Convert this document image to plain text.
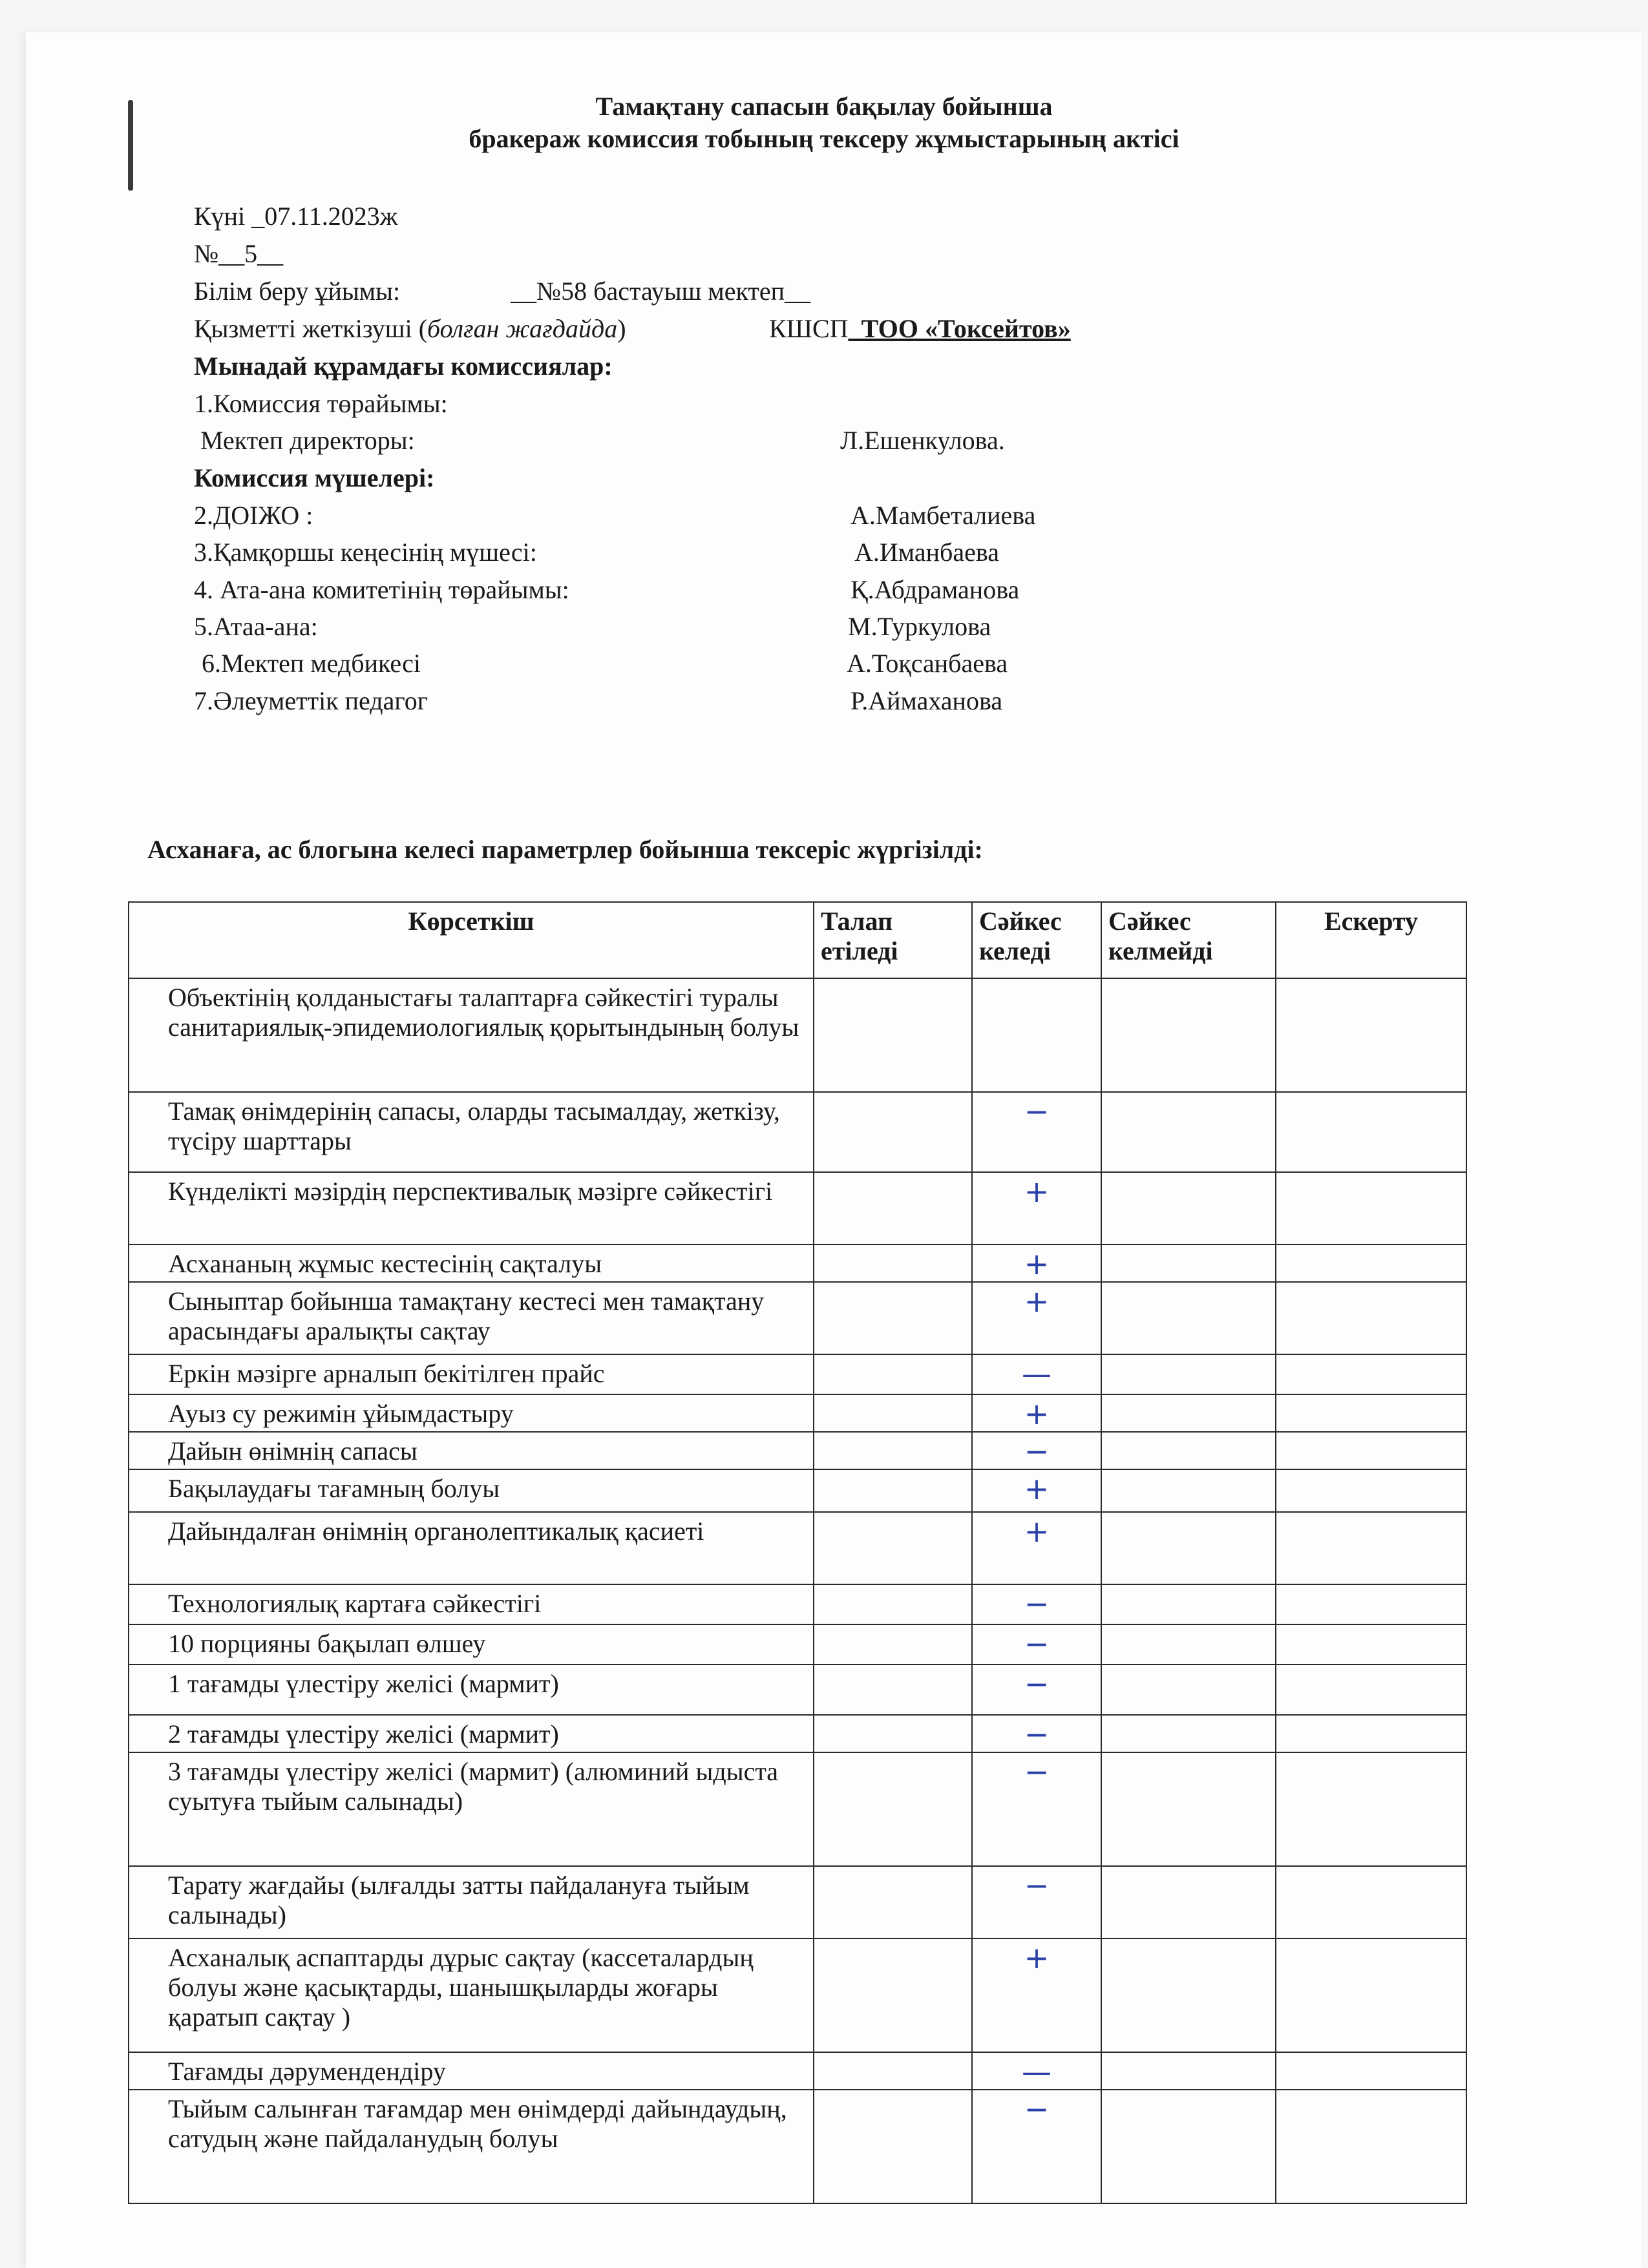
Тамақтану сапасын бақылау бойынша
бракераж комиссия тобының тексеру жұмыстарының актісі
Күні _07.11.2023ж
№__5__
Білім беру ұйымы:	__№58 бастауыш мектеп__
Қызметті жеткізуші (болған жағдайда)	КШСП_ТОО «Токсейтов»
Мынадай құрамдағы комиссиялар:
1.Комиссия төрайымы:
Мектеп директоры:	Л.Ешенкулова.
Комиссия мүшелері:
2.ДОІЖО :	А.Мамбеталиева
3.Қамқоршы кеңесінің мүшесі:	А.Иманбаева
4. Ата-ана комитетінің төрайымы:	Қ.Абдраманова
5.Атаа-ана:	М.Туркулова
6.Мектеп медбикесі	А.Тоқсанбаева
7.Әлеуметтік педагог	Р.Аймаханова
Асханаға, ас блогына келесі параметрлер бойынша тексеріс жүргізілді:
Көрсеткіш	Талап етіледі	Сәйкес келеді	Сәйкес келмейді	Ескерту
Объектінің қолданыстағы талаптарға сәйкестігі туралы санитариялық-эпидемиологиялық қорытындының болуы				
Тамақ өнімдерінің сапасы, оларды тасымалдау, жеткізу, түсіру шарттары		−		
Күнделікті мәзірдің перспективалық мәзірге сәйкестігі		+		
Асхананың жұмыс кестесінің сақталуы		+		
Сыныптар бойынша тамақтану кестесі мен тамақтану арасындағы аралықты сақтау		+		
Еркін мәзірге арналып бекітілген прайс		—		
Ауыз су режимін ұйымдастыру		+		
Дайын өнімнің сапасы		−		
Бақылаудағы тағамның болуы		+		
Дайындалған өнімнің органолептикалық қасиеті		+		
Технологиялық картаға сәйкестігі		−		
10 порцияны бақылап өлшеу		−		
1 тағамды үлестіру желісі (мармит)		−		
2 тағамды үлестіру желісі (мармит)		−		
3 тағамды үлестіру желісі (мармит) (алюминий ыдыста суытуға тыйым салынады)		−		
Тарату жағдайы (ылғалды затты пайдалануға тыйым салынады)		−		
Асханалық аспаптарды дұрыс сақтау (кассеталардың болуы және қасықтарды, шанышқыларды жоғары қаратып сақтау )		+		
Тағамды дәрумендендіру		—		
Тыйым салынған тағамдар мен өнімдерді дайындаудың, сатудың және пайдаланудың болуы		−		
